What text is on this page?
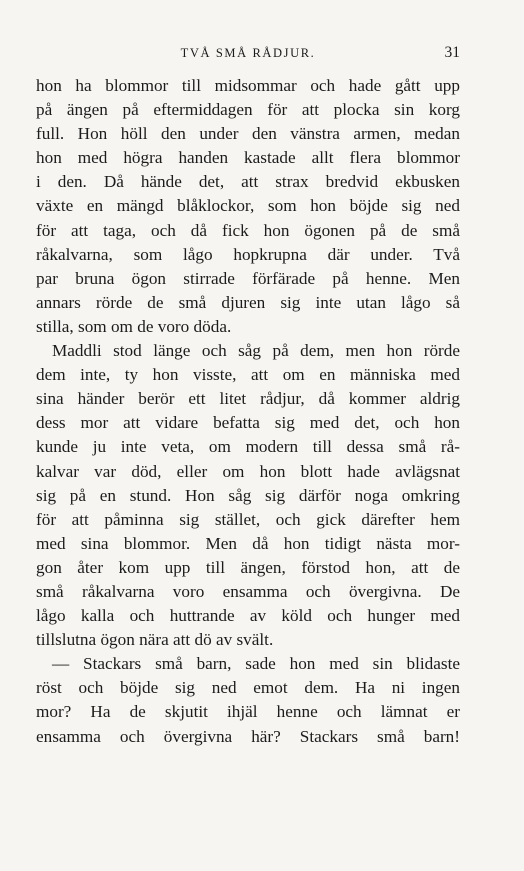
TVÅ SMÅ RÅDJUR.	31

hon ha blommor till midsommar och hade gått upp
på ängen på eftermiddagen för att plocka sin korg
full. Hon höll den under den vänstra armen, medan
hon med högra handen kastade allt flera blommor
i den. Då hände det, att strax bredvid ekbusken
växte en mängd blåklockor, som hon böjde sig ned
för att taga, och då fick hon ögonen på de små
råkalvarna, som lågo hopkrupna där under. Två
par bruna ögon stirrade förfärade på henne. Men
annars rörde de små djuren sig inte utan lågo så
stilla, som om de voro döda.

Maddli stod länge och såg på dem, men hon rörde
dem inte, ty hon visste, att om en människa med
sina händer berör ett litet rådjur, då kommer aldrig
dess mor att vidare befatta sig med det, och hon
kunde ju inte veta, om modern till dessa små rå-
kalvar var död, eller om hon blott hade avlägsnat
sig på en stund. Hon såg sig därför noga omkring
för att påminna sig stället, och gick därefter hem
med sina blommor. Men då hon tidigt nästa mor-
gon åter kom upp till ängen, förstod hon, att de
små råkalvarna voro ensamma och övergivna. De
lågo kalla och huttrande av köld och hunger med
tillslutna ögon nära att dö av svält.

— Stackars små barn, sade hon med sin blidaste
röst och böjde sig ned emot dem. Ha ni ingen
mor? Ha de skjutit ihjäl henne och lämnat er
ensamma och övergivna här? Stackars små barn!
